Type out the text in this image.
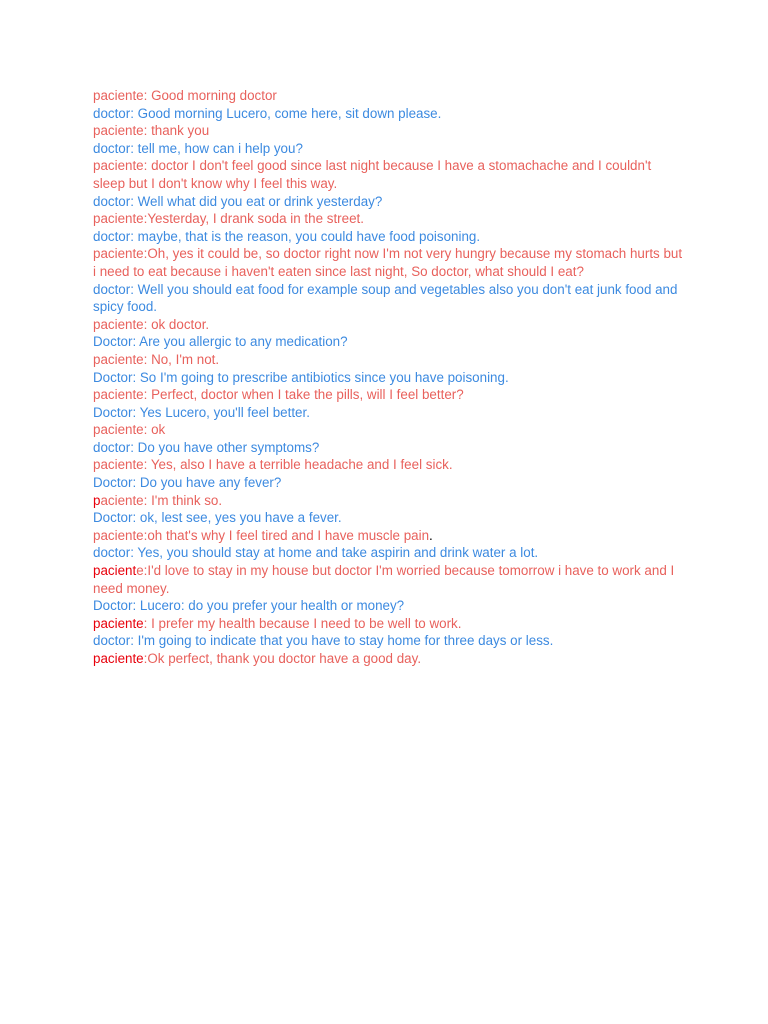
paciente: Good morning doctor

doctor: Good morning Lucero, come here, sit down please.

paciente: thank you

doctor: tell me, how can i help you?

paciente: doctor I don't feel good since last night because I have a stomachache and I couldn't sleep but I don't know why I feel this way.

doctor: Well what did you eat or drink yesterday?

paciente:Yesterday, I drank soda in the street.

doctor: maybe, that is the reason, you could have food poisoning.

paciente:Oh, yes it could be, so doctor right now I'm not very hungry because my stomach hurts but i need to eat because i haven't eaten since last night, So doctor, what should I eat?

doctor: Well you should eat food for example soup and vegetables also you don't eat junk food and spicy food.

paciente: ok doctor.

Doctor: Are you allergic to any medication?

paciente: No, I'm not.

Doctor: So I'm going to prescribe antibiotics since you have poisoning.

paciente: Perfect, doctor when I take the pills, will I feel better?

Doctor: Yes Lucero, you'll feel better.

paciente: ok

doctor: Do you have other symptoms?

paciente: Yes, also I have a terrible headache and I feel sick.

Doctor: Do you have any fever?

paciente: I'm think so.

Doctor: ok, lest see, yes you have a fever.

paciente:oh that's why I feel tired and I have muscle pain.

doctor: Yes, you should stay at home and take aspirin and drink water a lot.

paciente:I'd love to stay in my house but doctor I'm worried because tomorrow i have to work and I need money.

Doctor: Lucero: do you prefer your health or money?

paciente: I prefer my health because I need to be well to work.

doctor: I'm going to indicate that you have to stay home for three days or less.

paciente:Ok perfect, thank you doctor have a good day.
